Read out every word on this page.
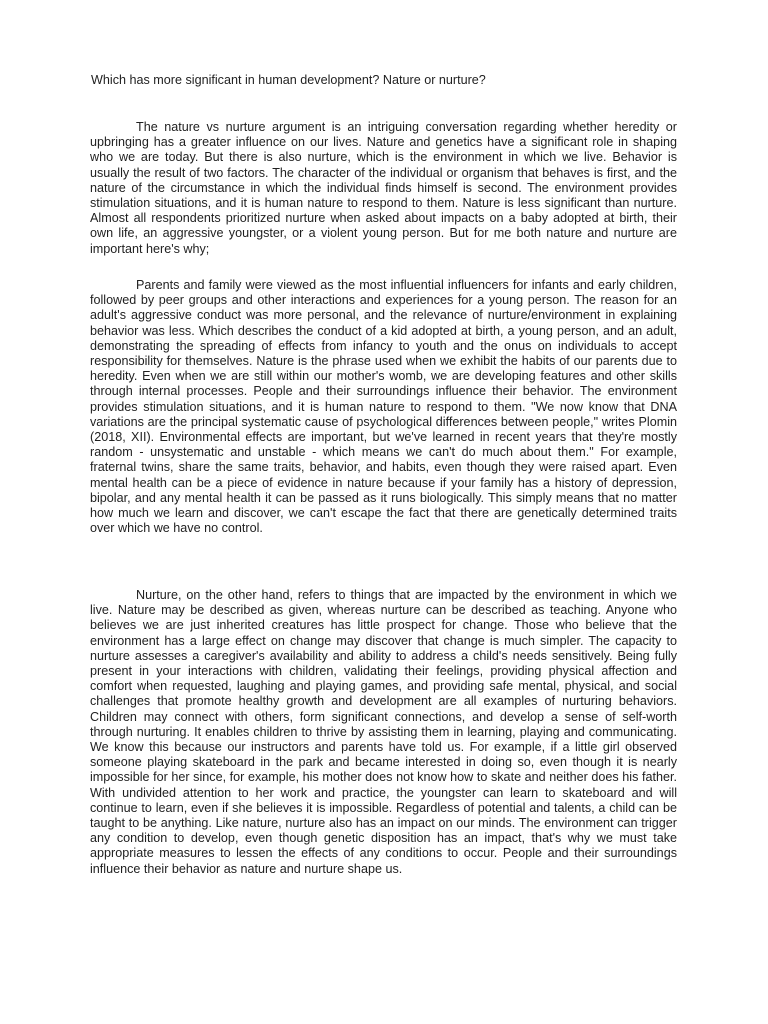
Which has more significant in human development? Nature or nurture?

The nature vs nurture argument is an intriguing conversation regarding whether heredity or upbringing has a greater influence on our lives. Nature and genetics have a significant role in shaping who we are today. But there is also nurture, which is the environment in which we live. Behavior is usually the result of two factors. The character of the individual or organism that behaves is first, and the nature of the circumstance in which the individual finds himself is second. The environment provides stimulation situations, and it is human nature to respond to them. Nature is less significant than nurture. Almost all respondents prioritized nurture when asked about impacts on a baby adopted at birth, their own life, an aggressive youngster, or a violent young person. But for me both nature and nurture are important here's why;

Parents and family were viewed as the most influential influencers for infants and early children, followed by peer groups and other interactions and experiences for a young person. The reason for an adult's aggressive conduct was more personal, and the relevance of nurture/environment in explaining behavior was less. Which describes the conduct of a kid adopted at birth, a young person, and an adult, demonstrating the spreading of effects from infancy to youth and the onus on individuals to accept responsibility for themselves. Nature is the phrase used when we exhibit the habits of our parents due to heredity. Even when we are still within our mother's womb, we are developing features and other skills through internal processes. People and their surroundings influence their behavior. The environment provides stimulation situations, and it is human nature to respond to them. "We now know that DNA variations are the principal systematic cause of psychological differences between people," writes Plomin (2018, XII). Environmental effects are important, but we've learned in recent years that they're mostly random - unsystematic and unstable - which means we can't do much about them." For example, fraternal twins, share the same traits, behavior, and habits, even though they were raised apart. Even mental health can be a piece of evidence in nature because if your family has a history of depression, bipolar, and any mental health it can be passed as it runs biologically. This simply means that no matter how much we learn and discover, we can't escape the fact that there are genetically determined traits over which we have no control.

Nurture, on the other hand, refers to things that are impacted by the environment in which we live. Nature may be described as given, whereas nurture can be described as teaching. Anyone who believes we are just inherited creatures has little prospect for change. Those who believe that the environment has a large effect on change may discover that change is much simpler. The capacity to nurture assesses a caregiver's availability and ability to address a child's needs sensitively. Being fully present in your interactions with children, validating their feelings, providing physical affection and comfort when requested, laughing and playing games, and providing safe mental, physical, and social challenges that promote healthy growth and development are all examples of nurturing behaviors. Children may connect with others, form significant connections, and develop a sense of self-worth through nurturing. It enables children to thrive by assisting them in learning, playing and communicating. We know this because our instructors and parents have told us. For example, if a little girl observed someone playing skateboard in the park and became interested in doing so, even though it is nearly impossible for her since, for example, his mother does not know how to skate and neither does his father. With undivided attention to her work and practice, the youngster can learn to skateboard and will continue to learn, even if she believes it is impossible. Regardless of potential and talents, a child can be taught to be anything. Like nature, nurture also has an impact on our minds. The environment can trigger any condition to develop, even though genetic disposition has an impact, that's why we must take appropriate measures to lessen the effects of any conditions to occur. People and their surroundings influence their behavior as nature and nurture shape us.
